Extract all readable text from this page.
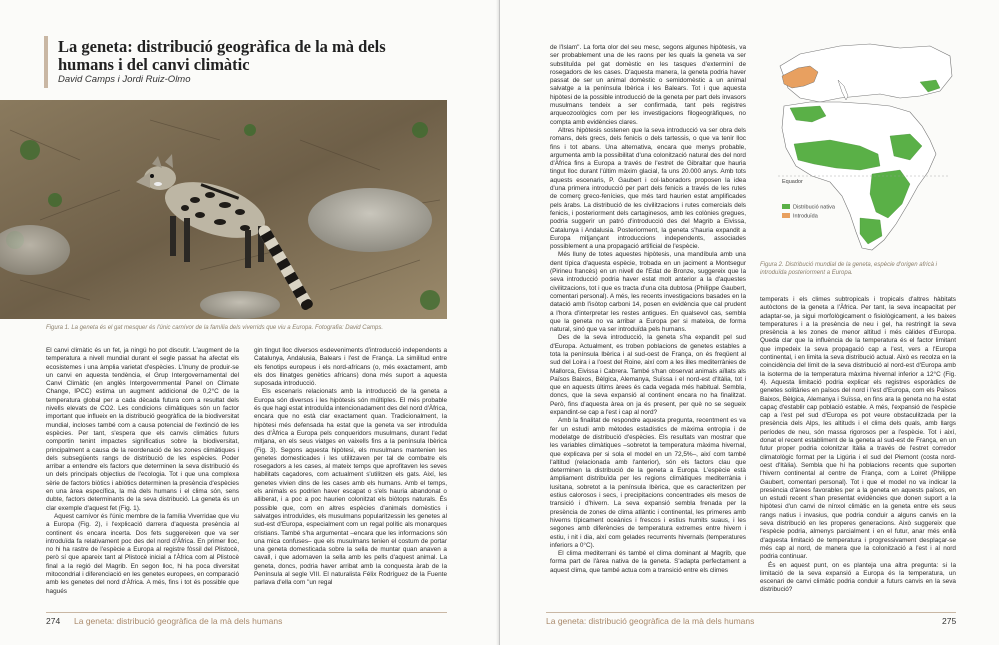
La geneta: distribució geogràfica de la mà dels humans i del canvi climàtic
David Camps i Jordi Ruiz-Olmo
Figura 1. La geneta és el gat mesquer és l'únic carnívor de la família dels viverrids que viu a Europa. Fotografia: David Camps.

El canvi climàtic és un fet, ja ningú ho pot discutir. L'augment de la temperatura a nivell mundial durant el segle passat ha afectat els ecosistemes i una àmplia varietat d'espècies. L'Inuny de produir-se un canvi en aquesta tendència, el Grup Intergovernamental del Canvi Climàtic (en anglès Intergovernmental Panel on Climate Change, IPCC) estima un augment addicional de 0,2°C de la temperatura global per a cada dècada futura com a resultat dels nivells elevats de CO2. Les condicions climàtiques són un factor important que influeix en la distribució geogràfica de la biodiversitat mundial, incloses també com a causa potencial de l'extinció de les espècies. Per tant, s'espera que els canvis climàtics futurs comportin tenint impactes significatius sobre la biodiversitat, principalment a causa de la reordenació de les zones climàtiques i dels subsegüents rangs de distribució de les espècies. Poder arribar a entendre els factors que determinen la seva distribució és un dels principals objectius de l'ecologia. Tot i que una complexa sèrie de factors biòtics i abiòtics determinen la presència d'espècies en una àrea específica, la mà dels humans i el clima són, sens dubte, factors determinants de la seva distribució. La geneta és un clar exemple d'aquest fet (Fig. 1).

Aquest carnívor és l'únic membre de la família Viverridae que viu a Europa (Fig. 2), i l'explicació darrera d'aquesta presència al continent és encara incerta. Dos fets suggereixen que va ser introduïda fa relativament poc des del nord d'Àfrica. En primer lloc, no hi ha rastre de l'espècie a Europa al registre fòssil del Plistocè, però sí que apareix tant al Plistocè inicial a l'Àfrica com al Plistocè final a la regió del Magrib. En segon lloc, hi ha poca diversitat mitocondrial i diferenciació en les genetes europees, en comparació amb les genetes del nord d'Àfrica. A més, fins i tot és possible que hagués

gin tingut lloc diversos esdeveniments d'introducció independents a Catalunya, Andalusia, Balears i l'est de França. La similitud entre els fenotips europeus i els nord-africans (o, més exactament, amb els dos llinatges genètics africans) dona més suport a aquesta suposada introducció.

Els escenaris relacionats amb la introducció de la geneta a Europa són diversos i les hipòtesis són múltiples. El més probable és que hagi estat introduïda intencionadament des del nord d'Àfrica, encara que no està clar exactament quan. Tradicionalment, la hipòtesi més defensada ha estat que la geneta va ser introduïda des d'Àfrica a Europa pels conqueridors musulmans, durant l'edat mitjana, en els seus viatges en vaixells fins a la península Ibèrica (Fig. 3). Segons aquesta hipòtesi, els musulmans mantenien les genetes domesticades i les utilitzaven per tal de combatre els rosegadors a les cases, al mateix temps que aprofitaven les seves habilitats caçadores, com actualment s'utilitzen els gats. Així, les genetes vivien dins de les cases amb els humans. Amb el temps, els animals es podrien haver escapat o s'els hauria abandonat o alliberat, i a poc a poc haurien colonitzat els biòtops naturals. És possible que, com en altres espècies d'animals domèstics i salvatges introduïdes, els musulmans popularitzessin les genetes al sud-est d'Europa, especialment com un regal polític als monarques cristians. També s'ha argumentat –encara que les informacions són una mica confuses– que els musulmans tenien el costum de portar una geneta domesticada sobre la sella de muntar quan anaven a cavall, i que adornaven la sella amb les pells d'aquest animal. La geneta, doncs, podria haver arribat amb la conquesta àrab de la Península al segle VIII. El naturalista Félix Rodríguez de la Fuente parlava d'ella com "un regal

274 La geneta: distribució geogràfica de la mà dels humans

de l'Islam". La forta olor del seu mesc, segons algunes hipòtesis, va ser probablement una de les raons per les quals la geneta va ser substituïda pel gat domèstic en les tasques d'exterminí de rosegadors de les cases. D'aquesta manera, la geneta podria haver passat de ser un animal domèstic o semidomèstic a un animal salvatge a la península Ibèrica i les Balears. Tot i que aquesta hipòtesi de la possible introducció de la geneta per part dels invasors musulmans tendeix a ser confirmada, tant pels registres arqueozoològics com per les investigacions filogeogràfiques, no compta amb evidències clares.

Altres hipòtesis sostenen que la seva introducció va ser obra dels romans, dels grecs, dels fenicis o dels tartessis, o que va tenir lloc fins i tot abans. Una alternativa, encara que menys probable, argumenta amb la possibilitat d'una colonització natural des del nord d'Àfrica fins a Europa a través de l'estret de Gibraltar que hauria tingut lloc durant l'últim màxim glacial, fa uns 20.000 anys. Amb tots aquests escenaris, P. Gaubert i col·laboradors proposen la idea d'una primera introducció per part dels fenicis a través de les rutes de comerç greco-fenícies, que més tard haurien estat amplificades pels àrabs. La distribució de les civilitzacions i rutes comercials dels fenicis, i posteriorment dels cartaginesos, amb les colònies gregues, podria suggerir un patró d'introducció des del Magrib a Eivissa, Catalunya i Andalusia. Posteriorment, la geneta s'hauria expandit a Europa mitjançant introduccions independents, associades possiblement a una propagació artificial de l'espècie.

Més lluny de totes aquestes hipòtesis, una mandíbula amb una dent típica d'aquesta espècie, trobada en un jaciment a Montsegur (Pirineu francès) en un nivell de l'Edat de Bronze, suggereix que la seva introducció podria haver estat molt anterior a la d'aquestes civilitzacions, tot i que es tracta d'una cita dubtosa (Philippe Gaubert, comentari personal). A més, les recents investigacions basades en la datació amb l'isòtop carboni 14, posen en evidència que cal prudent a l'hora d'interpretar les restes antigues. En qualsevol cas, sembla que la geneta no va arribar a Europa per si mateixa, de forma natural, sinó que va ser introduïda pels humans.

Des de la seva introducció, la geneta s'ha expandit pel sud d'Europa. Actualment, es troben poblacions de genetes estables a tota la península Ibèrica i al sud-oest de França, on és freqüent al sud del Loira i a l'oest del Roine, així com a les illes mediterrànies de Mallorca, Eivissa i Cabrera. També s'han observat animals aïllats als Països Baixos, Bèlgica, Alemanya, Suïssa i el nord-est d'Itàlia, tot i que en aquests últims àrees és cada vegada més habitual. Sembla, doncs, que la seva expansió al continent encara no ha finalitzat. Però, fins d'aquesta àrea on ja és present, per què no se segueix expandint-se cap a l'est i cap al nord?

Amb la finalitat de respondre aquesta pregunta, recentment es va fer un estudi amb mètodes estadístics de màxima entropia i de modelatge de distribució d'espècies. Els resultats van mostrar que les variables climàtiques –sobretot la temperatura màxima hivernal, que explicava per si sola el model en un 72,5%–, així com també l'altitud (relacionada amb l'anterior), són els factors clau que determinen la distribució de la geneta a Europa. L'espècie està àmpliament distribuïda per les regions climàtiques mediterrània i lusitana, sobretot a la península Ibèrica, que es caracteritzen per estius calorosos i secs, i precipitacions concentrades els mesos de transició i d'hivern. La seva expansió sembla frenada per la presència de zones de clima atlàntic i continental, les primeres amb hiverns típicament oceànics i frescos i estius humits suaus, i les segones amb diferències de temperatura extremes entre hivern i estiu, i nit i dia, així com gelades recurrents hivernals (temperatures inferiors a 0°C).

El clima mediterrani és també el clima dominant al Magrib, que forma part de l'àrea nativa de la geneta. S'adapta perfectament a aquest clima, que també actua com a transició entre els climes

Equador
Distribució nativa
Introduïda
Figura 2. Distribució mundial de la geneta, espècie d'origen africà i introduïda posteriorment a Europa.

temperats i els climes subtropicals i tropicals d'altres hàbitats autòctons de la geneta a l'Àfrica. Per tant, la seva incapacitat per adaptar-se, ja sigui morfològicament o fisiològicament, a les baixes temperatures i a la presència de neu i gel, ha restringit la seva presència a les zones de menor altitud i més càlides d'Europa. Queda clar que la influència de la temperatura és el factor limitant que impedeix la seva propagació cap a l'est, vers a l'Europa continental, i en limita la seva distribució actual. Això es recolza en la coincidència del límit de la seva distribució al nord-est d'Europa amb la isoterma de la temperatura màxima hivernal inferior a 12°C (Fig. 4). Aquesta limitació podria explicar els registres esporàdics de genetes solitàries en països del nord i l'est d'Europa, com els Països Baixos, Bèlgica, Alemanya i Suïssa, en fins ara la geneta no ha estat capaç d'establir cap població estable. A més, l'expansió de l'espècie cap a l'est pel sud d'Europa es pot veure obstaculitzada per la presència dels Alps, les altituds i el clima dels quals, amb llargs períodes de neu, són massa rigorosos per a l'espècie. Tot i així, donat el recent establiment de la geneta al sud-est de França, en un futur proper podria colonitzar Itàlia a través de l'estret corredor climatològic format per la Ligúria i el sud del Piemont (costa nord-oest d'Itàlia). Sembla que hi ha poblacions recents que suporten l'hivern continental al centre de França, com a Loiret (Philippe Gaubert, comentari personal). Tot i que el model no va indicar la presència d'àrees favorables per a la geneta en aquests països, en un estudi recent s'han presentat evidències que donen suport a la hipòtesi d'un canvi de nínxol climàtic en la geneta entre els seus rangs natius i invasius, que podria conduir a alguns canvis en la seva distribució en les properes generacions. Això suggereix que l'espècie podria, almenys parcialment i en el futur, anar més enllà d'aquesta limitació de temperatura i progressivament desplaçar-se més cap al nord, de manera que la colonització a l'est i al nord podria continuar.

És en aquest punt, on es planteja una altra pregunta: si la limitació de la seva expansió a Europa és la temperatura, un escenari de canvi climàtic podria conduir a futurs canvis en la seva distribució?

La geneta: distribució geogràfica de la mà dels humans	275
